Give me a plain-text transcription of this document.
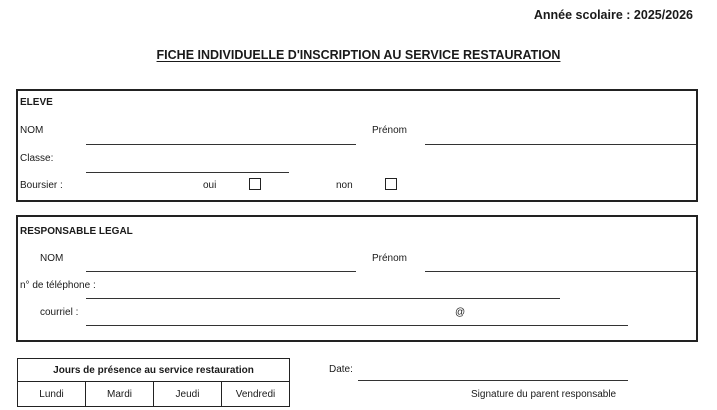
Année scolaire : 2025/2026
FICHE INDIVIDUELLE D'INSCRIPTION AU SERVICE RESTAURATION
ELEVE
NOM	Prénom
Classe:
Boursier :	oui	non
RESPONSABLE LEGAL
NOM	Prénom
n° de téléphone :
courriel :	@
Jours de présence au service restauration
Lundi	Mardi	Jeudi	Vendredi
Date:
Signature du parent responsable
